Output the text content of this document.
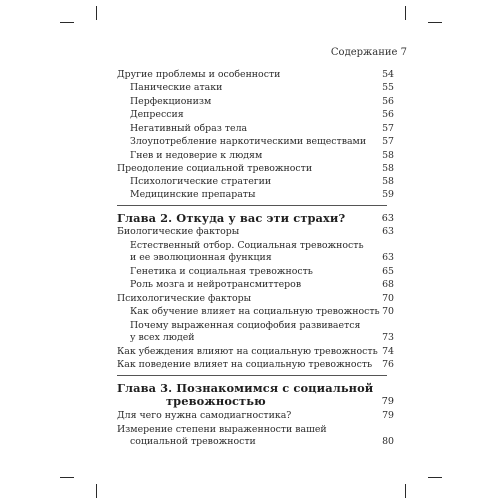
Содержание 7
Другие проблемы и особенности	54
Панические атаки	55
Перфекционизм	56
Депрессия	56
Негативный образ тела	57
Злоупотребление наркотическими веществами 57
Гнев и недоверие к людям	58
Преодоление социальной тревожности	58
Психологические стратегии	58
Медицинские препараты	59
Глава 2. Откуда у вас эти страхи?	63
Биологические факторы	63
Естественный отбор. Социальная тревожность
и ее эволюционная функция	63
Генетика и социальная тревожность	65
Роль мозга и нейротрансмиттеров	68
Психологические факторы	70
Как обучение влияет на социальную тревожность 70
Почему выраженная социофобия развивается
у всех людей	73
Как убеждения влияют на социальную тревожность 74
Как поведение влияет на социальную тревожность 76
Глава 3. Познакомимся с социальной
тревожностью	79
Для чего нужна самодиагностика?	79
Измерение степени выраженности вашей
социальной тревожности	80
